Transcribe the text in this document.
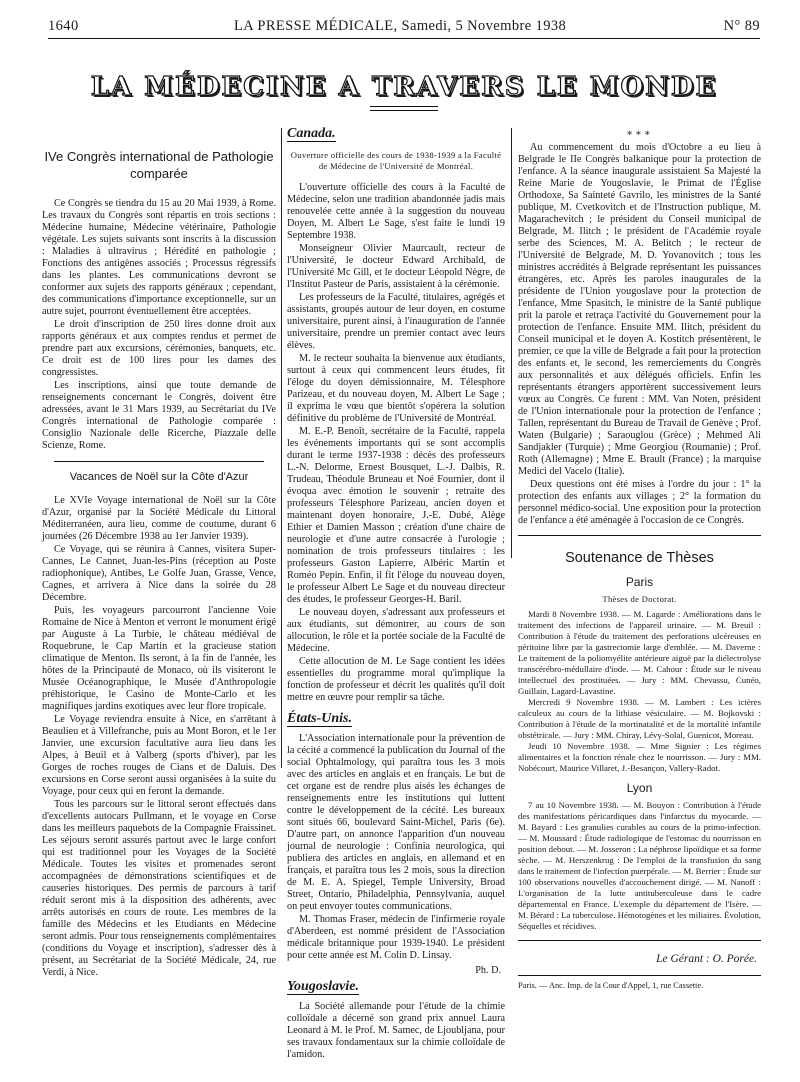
1640	LA PRESSE MÉDICALE, Samedi, 5 Novembre 1938	N° 89
LA MÉDECINE A TRAVERS LE MONDE
IVe Congrès international de Pathologie comparée

Ce Congrès se tiendra du 15 au 20 Mai 1939, à Rome. Les travaux du Congrès sont répartis en trois sections : Médecine humaine, Médecine vétérinaire, Pathologie végétale. Les sujets suivants sont inscrits à la discussion : Maladies à ultravirus ; Hérédité en pathologie ; Fonctions des antigènes associés ; Processus régressifs dans les plantes. Les communications devront se conformer aux sujets des rapports généraux ; cependant, des communications d'importance exceptionnelle, sur un autre sujet, pourront éventuellement être acceptées.

Le droit d'inscription de 250 lires donne droit aux rapports généraux et aux comptes rendus et permet de prendre part aux excursions, cérémonies, banquets, etc. Ce droit est de 100 lires pour les dames des congressistes.

Les inscriptions, ainsi que toute demande de renseignements concernant le Congrès, doivent être adressées, avant le 31 Mars 1939, au Secrétariat du IVe Congrès international de Pathologie comparée : Consiglio Nazionale delle Ricerche, Piazzale delle Scienze, Rome.

Vacances de Noël sur la Côte d'Azur

Le XVIe Voyage international de Noël sur la Côte d'Azur, organisé par la Société Médicale du Littoral Méditerranéen, aura lieu, comme de coutume, durant 6 journées (26 Décembre 1938 au 1er Janvier 1939).

Ce Voyage, qui se réunira à Cannes, visitera Super-Cannes, Le Cannet, Juan-les-Pins (réception au Poste radiophonique), Antibes, Le Golfe Juan, Grasse, Vence, Cagnes, et arrivera à Nice dans la soirée du 28 Décembre.

Puis, les voyageurs parcourront l'ancienne Voie Romaine de Nice à Menton et verront le monument érigé par Auguste à La Turbie, le château médiéval de Roquebrune, le Cap Martin et la gracieuse station climatique de Menton. Ils seront, à la fin de l'année, les hôtes de la Principauté de Monaco, où ils visiteront le Musée Océanographique, le Musée d'Anthropologie préhistorique, le Casino de Monte-Carlo et les magnifiques jardins exotiques avec leur flore tropicale.

Le Voyage reviendra ensuite à Nice, en s'arrêtant à Beaulieu et à Villefranche, puis au Mont Boron, et le 1er Janvier, une excursion facultative aura lieu dans les Alpes, à Beuil et à Valberg (sports d'hiver), par les Gorges de roches rouges de Cians et de Daluis. Des excursions en Corse seront aussi organisées à la suite du Voyage, pour ceux qui en feront la demande.

Tous les parcours sur le littoral seront effectués dans d'excellents autocars Pullmann, et le voyage en Corse dans les meilleurs paquebots de la Compagnie Fraissinet. Les séjours seront assurés partout avec le large confort qui est traditionnel pour les Voyages de la Société Médicale. Toutes les visites et promenades seront accompagnées de démonstrations scientifiques et de causeries historiques. Des permis de parcours à tarif réduit seront mis à la disposition des adhérents, avec arrêts autorisés en cours de route. Les membres de la famille des Médecins et les Etudiants en Médecine seront admis. Pour tous renseignements complémentaires (conditions du Voyage et inscription), s'adresser dès à présent, au Secrétariat de la Société Médicale, 24, rue Verdi, à Nice.

Canada.
Ouverture officielle des cours de 1938-1939 a la Faculté de Médecine de l'Université de Montréal.

L'ouverture officielle des cours à la Faculté de Médecine, selon une tradition abandonnée jadis mais renouvelée cette année à la suggestion du nouveau Doyen, M. Albert Le Sage, s'est faite le lundi 19 Septembre 1938.

Monseigneur Olivier Maurcault, recteur de l'Université, le docteur Edward Archibald, de l'Université Mc Gill, et le docteur Léopold Nègre, de l'Institut Pasteur de Paris, assistaient à la cérémonie.

Les professeurs de la Faculté, titulaires, agrégés et assistants, groupés autour de leur doyen, en costume universitaire, purent ainsi, à l'inauguration de l'année universitaire, prendre un premier contact avec leurs élèves.

M. le recteur souhaita la bienvenue aux étudiants, surtout à ceux qui commencent leurs études, fit l'éloge du doyen démissionnaire, M. Télesphore Parizeau, et du nouveau doyen, M. Albert Le Sage ; il exprima le vœu que bientôt s'opérera la solution définitive du problème de l'Université de Montréal.

M. E.-P. Benoît, secrétaire de la Faculté, rappela les événements importants qui se sont accomplis durant le terme 1937-1938 : décès des professeurs L.-N. Delorme, Ernest Bousquet, L.-J. Dalbis, R. Trudeau, Théodule Bruneau et Noé Fournier, dont il évoqua avec émotion le souvenir ; retraite des professeurs Télesphore Parizeau, ancien doyen et maintenant doyen honoraire, J.-E. Dubé, Alège Ethier et Damien Masson ; création d'une chaire de neurologie et d'une autre consacrée à l'urologie ; nomination de trois professeurs titulaires : les professeurs Gaston Lapierre, Albéric Martin et Roméo Pepin. Enfin, il fit l'éloge du nouveau doyen, le professeur Albert Le Sage et du nouveau directeur des études, le professeur Georges-H. Baril.

Le nouveau doyen, s'adressant aux professeurs et aux étudiants, sut démontrer, au cours de son allocution, le rôle et la portée sociale de la Faculté de Médecine.

Cette allocution de M. Le Sage contient les idées essentielles du programme moral qu'implique la fonction de professeur et décrit les qualités qu'il doit mettre en œuvre pour remplir sa tâche.

États-Unis.

L'Association internationale pour la prévention de la cécité a commencé la publication du Journal of the social Ophtalmology, qui paraîtra tous les 3 mois avec des articles en anglais et en français. Le but de cet organe est de rendre plus aisés les échanges de renseignements entre les institutions qui luttent contre le développement de la cécité. Les bureaux sont situés 66, boulevard Saint-Michel, Paris (6e). D'autre part, on annonce l'apparition d'un nouveau journal de neurologie : Confinia neurologica, qui publiera des articles en anglais, en allemand et en français, et paraîtra tous les 2 mois, sous la direction de M. E. A. Spiegel, Temple University, Broad Street, Ontario, Philadelphia, Pennsylvania, auquel on peut envoyer toutes communications.

M. Thomas Fraser, médecin de l'infirmerie royale d'Aberdeen, est nommé président de l'Association médicale britannique pour 1939-1940. Le président pour cette année est M. Colin D. Linsay.

Ph. D.
Yougoslavie.

La Société allemande pour l'étude de la chimie colloïdale a décerné son grand prix annuel Laura Leonard à M. le Prof. M. Samec, de Ljoubljana, pour ses travaux fondamentaux sur la chimie colloïdale de l'amidon.

∗∗∗

Au commencement du mois d'Octobre a eu lieu à Belgrade le IIe Congrès balkanique pour la protection de l'enfance. A la séance inaugurale assistaient Sa Majesté la Reine Marie de Yougoslavie, le Primat de l'Église Orthodoxe, Sa Sainteté Gavrilo, les ministres de la Santé publique, M. Cvetkovitch et de l'Instruction publique, M. Magarachevitch ; le président du Conseil municipal de Belgrade, M. Ilitch ; le président de l'Académie royale serbe des Sciences, M. A. Belitch ; le recteur de l'Université de Belgrade, M. D. Yovanovitch ; tous les ministres accrédités à Belgrade représentant les puissances étrangères, etc. Après les paroles inaugurales de la présidente de l'Union yougoslave pour la protection de l'enfance, Mme Spasitch, le ministre de la Santé publique prit la parole et retraça l'activité du Gouvernement pour la protection de l'enfance. Ensuite MM. Ilitch, président du Conseil municipal et le doyen A. Kostitch présentèrent, le premier, ce que la ville de Belgrade a fait pour la protection des enfants et, le second, les remerciements du Congrès aux personnalités et aux délégués officiels. Enfin les représentants étrangers apportèrent successivement leurs vœux au Congrès. Ce furent : MM. Van Noten, président de l'Union internationale pour la protection de l'enfance ; Tallen, représentant du Bureau de Travail de Genève ; Prof. Waten (Bulgarie) ; Saraouglou (Grèce) ; Mehmed Ali Sandjakler (Turquie) ; Mme Georgiou (Roumanie) ; Prof. Roth (Allemagne) ; Mme E. Brault (France) ; la marquise Medici del Vacelo (Italie).

Deux questions ont été mises à l'ordre du jour : 1° la protection des enfants aux villages ; 2° la formation du personnel médico-social. Une exposition pour la protection de l'enfance a été aménagée à l'occasion de ce Congrès.

Soutenance de Thèses
Paris
Thèses de Doctorat.

Mardi 8 Novembre 1938. — M. Lagarde : Améliorations dans le traitement des infections de l'appareil urinaire. — M. Breuil : Contribution à l'étude du traitement des perforations ulcéreuses en péritoine libre par la gastrectomie large d'emblée. — M. Daverne : Le traitement de la poliomyélite antérieure aiguë par la diélectrolyse transcérébro-médullaire d'iode. — M. Cahour : Étude sur le niveau intellectuel des prostituées. — Jury : MM. Chevassu, Cunéo, Guillain, Lagard-Lavastine.

Mercredi 9 Novembre 1938. — M. Lambert : Les ictères calculeux au cours de la lithiase vésiculaire. — M. Bojkovski : Contribution à l'étude de la mortinatalité et de la mortalité infantile obstétricale. — Jury : MM. Chiray, Lévy-Solal, Guenicot, Moreau.

Jeudi 10 Novembre 1938. — Mme Signier : Les régimes alimentaires et la fonction rénale chez le nourrisson. — Jury : MM. Nobécourt, Maurice Villaret, J.-Besançon, Vallery-Radot.

Lyon

7 au 10 Novembre 1938. — M. Bouyon : Contribution à l'étude des manifestations péricardiques dans l'infarctus du myocarde. — M. Bayard : Les granulies curables au cours de la primo-infection. — M. Moussard : Étude radiologique de l'estomac du nourrisson en position debout. — M. Josseron : La néphrose lipoïdique et sa forme sèche. — M. Herszenkrug : De l'emploi de la transfusion du sang dans le traitement de l'infection puerpérale. — M. Berrier : Étude sur 100 observations nouvelles d'accouchement dirigé. — M. Nanoff : L'organisation de la lutte antituberculeuse dans le cadre départemental en France. L'exemple du département de l'Isère. — M. Bérard : La tuberculose. Hémotogènes et les miliaires. Évolution, Séquelles et récidives.

Le Gérant : O. Porée.
Paris. — Anc. Imp. de la Cour d'Appel, 1, rue Cassette.
